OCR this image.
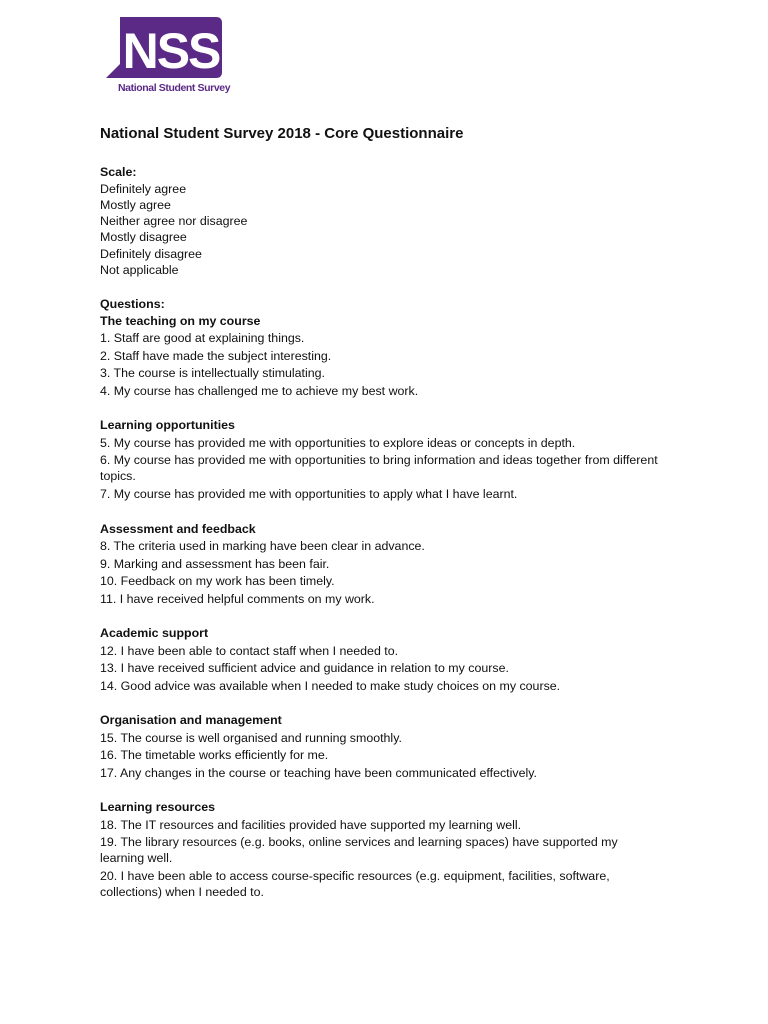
NSS
National Student Survey
National Student Survey 2018 - Core Questionnaire
Scale:
Definitely agree
Mostly agree
Neither agree nor disagree
Mostly disagree
Definitely disagree
Not applicable
Questions:
The teaching on my course
1. Staff are good at explaining things.
2. Staff have made the subject interesting.
3. The course is intellectually stimulating.
4. My course has challenged me to achieve my best work.
Learning opportunities
5. My course has provided me with opportunities to explore ideas or concepts in depth.
6. My course has provided me with opportunities to bring information and ideas together from different topics.
7. My course has provided me with opportunities to apply what I have learnt.
Assessment and feedback
8. The criteria used in marking have been clear in advance.
9. Marking and assessment has been fair.
10. Feedback on my work has been timely.
11. I have received helpful comments on my work.
Academic support
12. I have been able to contact staff when I needed to.
13. I have received sufficient advice and guidance in relation to my course.
14. Good advice was available when I needed to make study choices on my course.
Organisation and management
15. The course is well organised and running smoothly.
16. The timetable works efficiently for me.
17. Any changes in the course or teaching have been communicated effectively.
Learning resources
18. The IT resources and facilities provided have supported my learning well.
19. The library resources (e.g. books, online services and learning spaces) have supported my learning well.
20. I have been able to access course-specific resources (e.g. equipment, facilities, software, collections) when I needed to.
